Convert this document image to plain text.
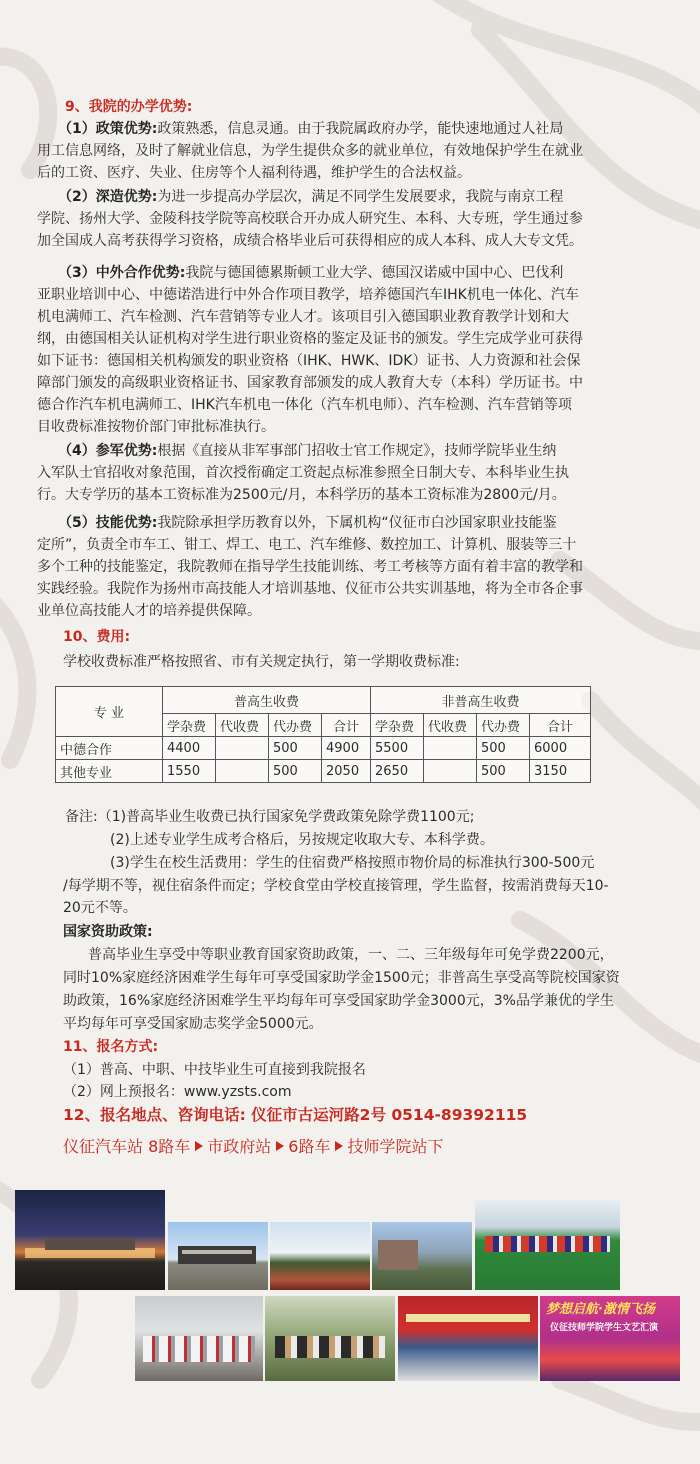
9、我院的办学优势:
（1）政策优势:政策熟悉，信息灵通。由于我院属政府办学，能快速地通过人社局
用工信息网络，及时了解就业信息，为学生提供众多的就业单位，有效地保护学生在就业
后的工资、医疗、失业、住房等个人福利待遇，维护学生的合法权益。
（2）深造优势:为进一步提高办学层次，满足不同学生发展要求，我院与南京工程
学院、扬州大学、金陵科技学院等高校联合开办成人研究生、本科、大专班，学生通过参
加全国成人高考获得学习资格，成绩合格毕业后可获得相应的成人本科、成人大专文凭。
（3）中外合作优势:我院与德国德累斯顿工业大学、德国汉诺威中国中心、巴伐利
亚职业培训中心、中德诺浩进行中外合作项目教学，培养德国汽车IHK机电一体化、汽车
机电满师工、汽车检测、汽车营销等专业人才。该项目引入德国职业教育教学计划和大
纲，由德国相关认证机构对学生进行职业资格的鉴定及证书的颁发。学生完成学业可获得
如下证书：德国相关机构颁发的职业资格（IHK、HWK、IDK）证书、人力资源和社会保
障部门颁发的高级职业资格证书、国家教育部颁发的成人教育大专（本科）学历证书。中
德合作汽车机电满师工、IHK汽车机电一体化（汽车机电师）、汽车检测、汽车营销等项
目收费标准按物价部门审批标准执行。
（4）参军优势:根据《直接从非军事部门招收士官工作规定》，技师学院毕业生纳
入军队士官招收对象范围，首次授衔确定工资起点标准参照全日制大专、本科毕业生执
行。大专学历的基本工资标准为2500元/月，本科学历的基本工资标准为2800元/月。
（5）技能优势:我院除承担学历教育以外，下属机构“仪征市白沙国家职业技能鉴
定所”，负责全市车工、钳工、焊工、电工、汽车维修、数控加工、计算机、服装等三十
多个工种的技能鉴定，我院教师在指导学生技能训练、考工考核等方面有着丰富的教学和
实践经验。我院作为扬州市高技能人才培训基地、仪征市公共实训基地，将为全市各企事
业单位高技能人才的培养提供保障。
10、费用:
学校收费标准严格按照省、市有关规定执行，第一学期收费标准:
专 业	普高生收费				非普高生收费			
	学杂费	代收费	代办费	合计	学杂费	代收费	代办费	合计
中德合作	4400		500	4900	5500		500	6000
其他专业	1550		500	2050	2650		500	3150
备注:（1)普高毕业生收费已执行国家免学费政策免除学费1100元;
(2)上述专业学生成考合格后，另按规定收取大专、本科学费。
(3)学生在校生活费用：学生的住宿费严格按照市物价局的标准执行300-500元
/每学期不等，视住宿条件而定；学校食堂由学校直接管理，学生监督，按需消费每天10-
20元不等。
国家资助政策:
普高毕业生享受中等职业教育国家资助政策，一、二、三年级每年可免学费2200元，
同时10%家庭经济困难学生每年可享受国家助学金1500元；非普高生享受高等院校国家资
助政策，16%家庭经济困难学生平均每年可享受国家助学金3000元，3%品学兼优的学生
平均每年可享受国家励志奖学金5000元。
11、报名方式:
（1）普高、中职、中技毕业生可直接到我院报名
（2）网上预报名：www.yzsts.com
12、报名地点、咨询电话: 仪征市古运河路2号 0514-89392115
仪征汽车站 8路车 市政府站 6路车 技师学院站下
梦想启航·激情飞扬
仪征技师学院学生文艺汇演
